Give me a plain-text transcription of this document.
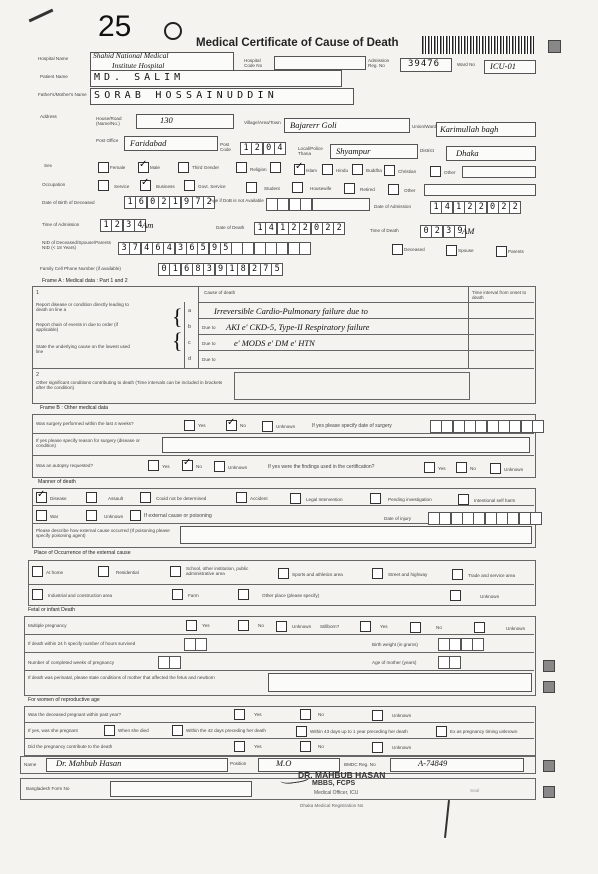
25	Medical Certificate of Cause of Death
Hospital Name	Shahid National Medical
Institute Hospital
Hospital Code No
Admission Reg. No	39476	Ward No ICU-01
Patient Name	MD. SALIM
Father's/Mother's Name SORAB HOSSAINUDDIN
Address	House/Road (Name/No.)	130	Village/Area/Town Bajarerr Goli	Union/Ward Karimullah bagh
Post Office	Faridabad	Post Code	1 2 0 4	Local/Police Thana	Shyampur	District	Dhaka
Sex	Female ✓	Male	Third Gender	Religion ✓	Islam	Hindu	Buddha	Christian	Other
Occupation	Service ✓	Business	Govt. Service	Student	Housewife	Retired	Other
Date of Birth of Deceased	1 6 0 2 1 9 7 2
Age if DoB is not Available
Date of Admission	1 4 1 2 2 0 2 2
Time of Admission	1 2 3 4 Am	Date of Death	1 4 1 2 2 0 2 2	Time of Death	0 2 3 9 AM
NID of Deceased/Spouse/Parents NID (< 18 Years)	3 7 4 6 4 3 6 5 9 5	Deceased	Spouse	Parents
Family Cell Phone Number (if available)	0 1 6 8 3 9 1 8 2 7 5
Frame A : Medical data : Part 1 and 2
1	Cause of death	Time interval from onset to death
Report disease or condition directly leading to death on line a
Report chain of events in due to order (if applicable)
State the underlying cause on the lowest used line
{
{
a	Irreversible Cardio-Pulmonary failure due to
b Due to AKI e' CKD-5, Type-II Respiratory failure
c Due to e' MODS e' DM e' HTN
d Due to
2
Other significant conditions contributing to death (Time intervals can be included in brackets after the condition)
Frame B : Other medical data
Was surgery performed within the last 4 weeks?	Yes ✓	No	Unknown	If yes please specify date of surgery
If yes please specify reason for surgery (disease or condition)
Was an autopsy requested?	Yes ✓	No	Unknown	If yes were the findings used in the certification?	Yes	No	Unknown
Manner of death
✓
Disease	Assault	Could not be determined	Accident	Legal Intervention	Pending investigation	Intentional self harm
War	Unknown	If external cause or poisoning	Date of injury
Please describe how external cause occurred (If poisoning please specify poisoning agent)
Place of Occurrence of the external cause
At home	Residential
School, other institution, public administrative area	Sports and athletics area	Street and highway	Trade and service area
Industrial and construction area	Farm	Other place (please specify)	Unknown
Fetal or infant Death
Multiple pregnancy	Yes	No	Unknown Stillborn?	Yes	No	Unknown
If death within 24 h specify number of hours survived	Birth weight (in grams)
Number of completed weeks of pregnancy	Age of mother (years)
If death was perinatal, please state conditions of mother that affected the fetus and newborn
For women of reproductive age
Was the deceased pregnant within past year?	Yes	No	Unknown
If yes, was she pregnant	When she died	Within the 42 days preceding her death	Within 43 days up to 1 year preceding her death	Ex as pregnancy timing unknown
Did the pregnancy contribute to the death	Yes	No	Unknown
Name Dr. Mahbub Hasan	Position	M.O	BMDC Reg. No	A-74849
DR. MAHBUB HASAN
MBBS, FCPS
Medical Officer, ICU
Bangladesh Form No	Seal
Dhaka Medical Registration No
